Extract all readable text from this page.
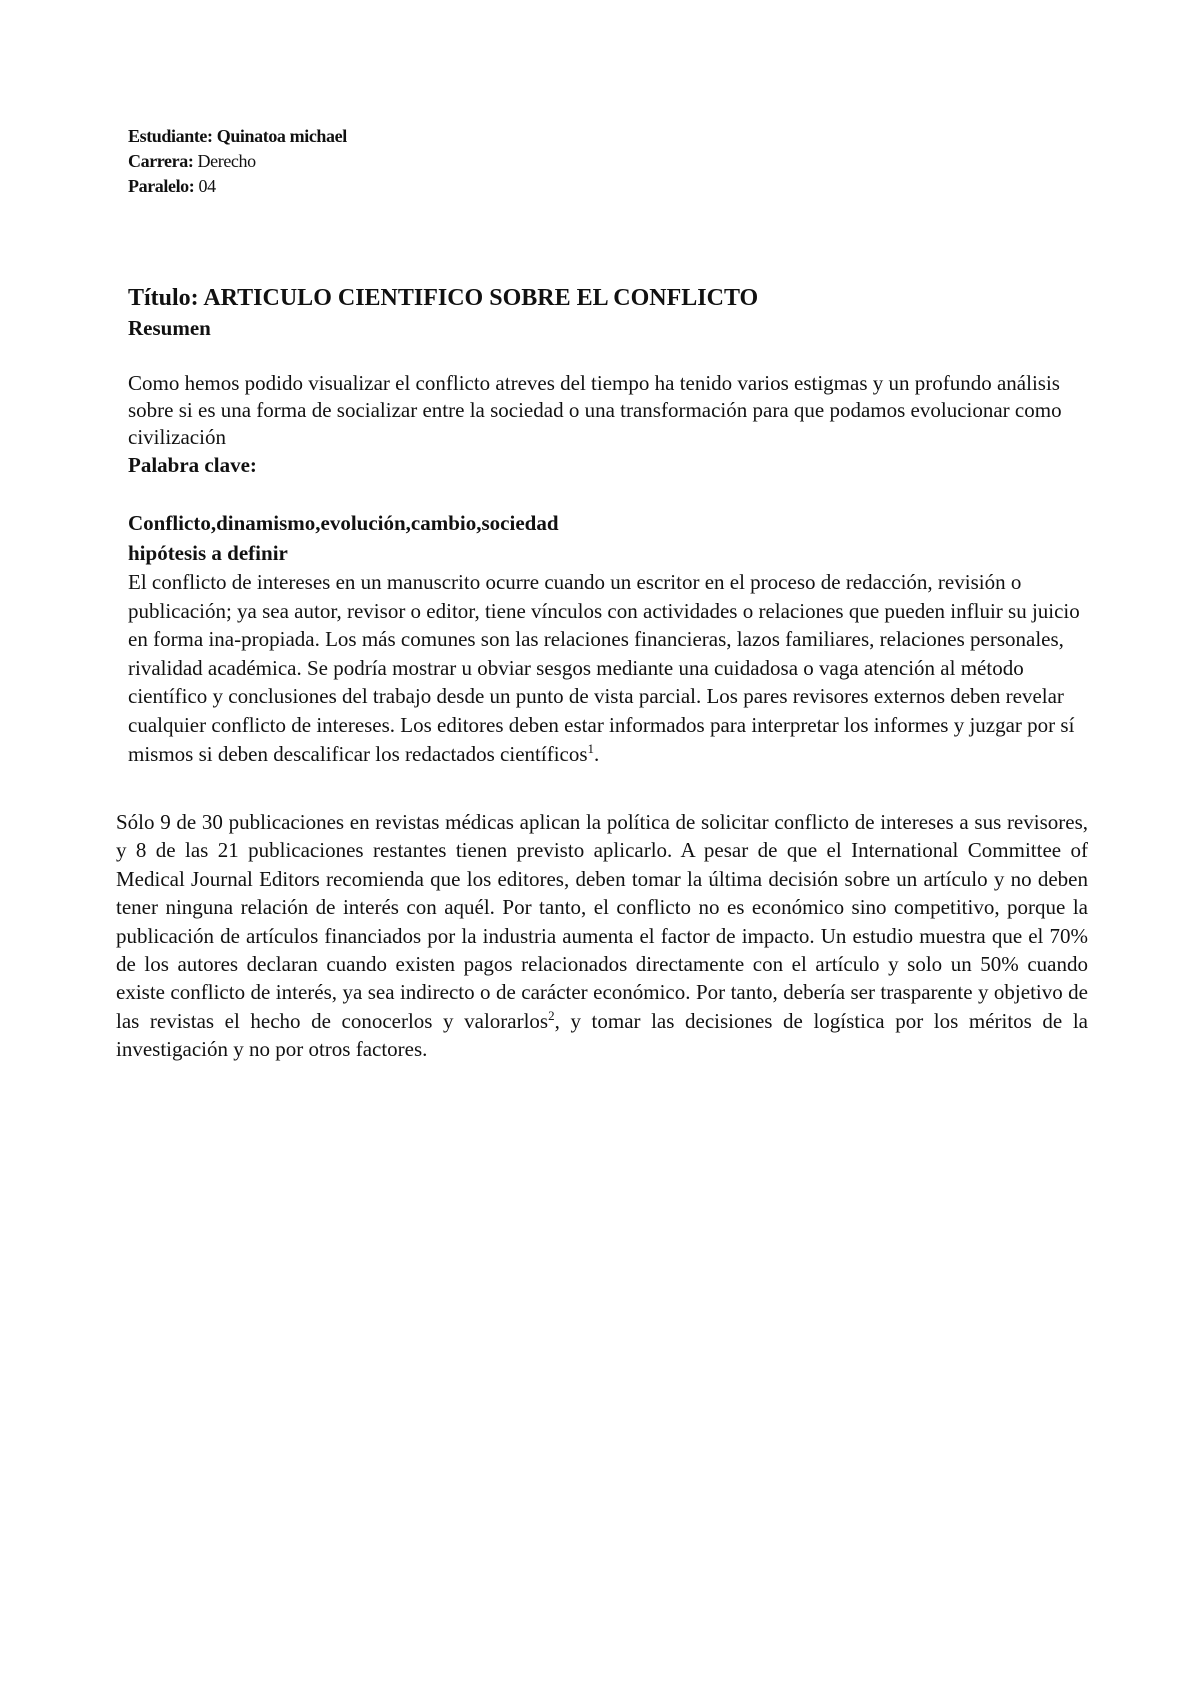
Estudiante: Quinatoa michael
Carrera: Derecho
Paralelo: 04
Título: ARTICULO CIENTIFICO SOBRE EL CONFLICTO
Resumen

Como hemos podido visualizar el conflicto atreves del tiempo ha tenido varios estigmas y un profundo análisis sobre si es una forma de socializar entre la sociedad o una transformación para que podamos evolucionar como civilización

Palabra clave:

Conflicto,dinamismo,evolución,cambio,sociedad

hipótesis a definir

El conflicto de intereses en un manuscrito ocurre cuando un escritor en el proceso de redacción, revisión o publicación; ya sea autor, revisor o editor, tiene vínculos con actividades o relaciones que pueden influir su juicio en forma ina-propiada. Los más comunes son las relaciones financieras, lazos familiares, relaciones personales, rivalidad académica. Se podría mostrar u obviar sesgos mediante una cuidadosa o vaga atención al método científico y conclusiones del trabajo desde un punto de vista parcial. Los pares revisores externos deben revelar cualquier conflicto de intereses. Los editores deben estar informados para interpretar los informes y juzgar por sí mismos si deben descalificar los redactados científicos$^1$.

Sólo 9 de 30 publicaciones en revistas médicas aplican la política de solicitar conflicto de intereses a sus revisores, y 8 de las 21 publicaciones restantes tienen previsto aplicarlo. A pesar de que el International Committee of Medical Journal Editors recomienda que los editores, deben tomar la última decisión sobre un artículo y no deben tener ninguna relación de interés con aquél. Por tanto, el conflicto no es económico sino competitivo, porque la publicación de artículos financiados por la industria aumenta el factor de impacto. Un estudio muestra que el 70% de los autores declaran cuando existen pagos relacionados directamente con el artículo y solo un 50% cuando existe conflicto de interés, ya sea indirecto o de carácter económico. Por tanto, debería ser trasparente y objetivo de las revistas el hecho de conocerlos y valorarlos$^2$, y tomar las decisiones de logística por los méritos de la investigación y no por otros factores.
